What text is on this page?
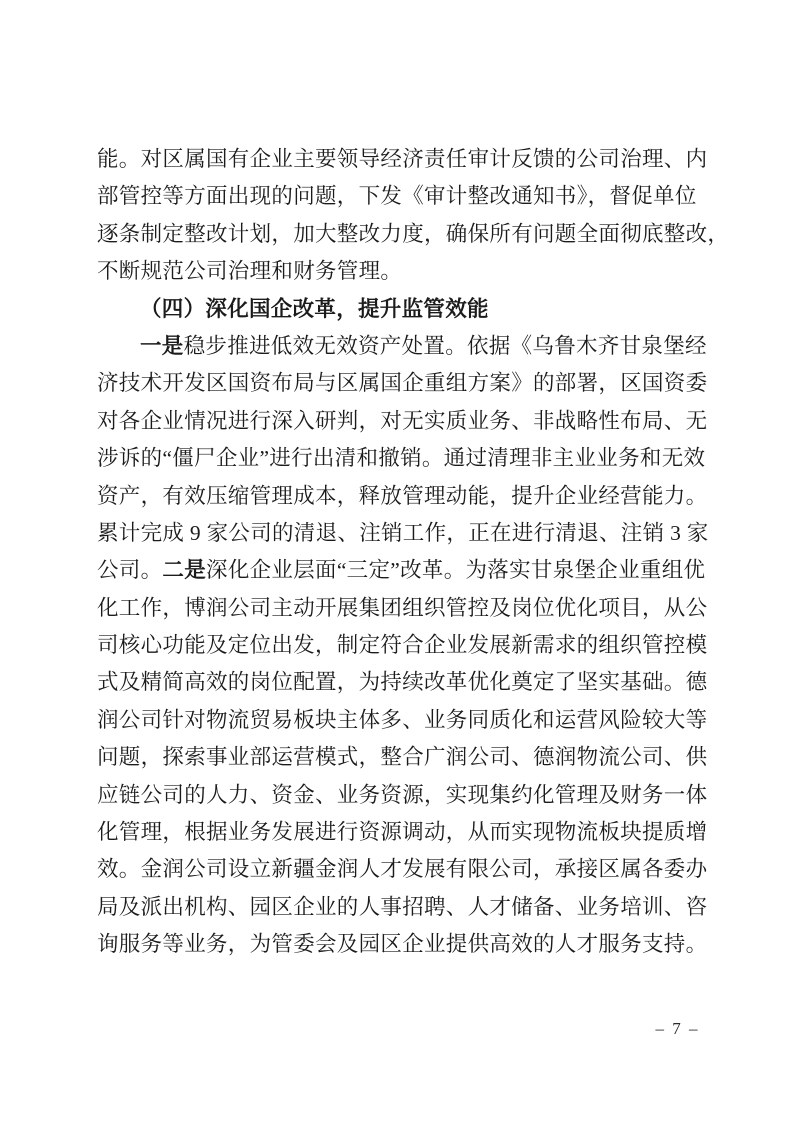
能。对区属国有企业主要领导经济责任审计反馈的公司治理、内
部管控等方面出现的问题，下发《审计整改通知书》，督促单位
逐条制定整改计划，加大整改力度，确保所有问题全面彻底整改，
不断规范公司治理和财务管理。
（四）深化国企改革，提升监管效能
一是稳步推进低效无效资产处置。依据《乌鲁木齐甘泉堡经
济技术开发区国资布局与区属国企重组方案》的部署，区国资委
对各企业情况进行深入研判，对无实质业务、非战略性布局、无
涉诉的“僵尸企业”进行出清和撤销。通过清理非主业业务和无效
资产，有效压缩管理成本，释放管理动能，提升企业经营能力。
累计完成 9 家公司的清退、注销工作，正在进行清退、注销 3 家
公司。二是深化企业层面“三定”改革。为落实甘泉堡企业重组优
化工作，博润公司主动开展集团组织管控及岗位优化项目，从公
司核心功能及定位出发，制定符合企业发展新需求的组织管控模
式及精简高效的岗位配置，为持续改革优化奠定了坚实基础。德
润公司针对物流贸易板块主体多、业务同质化和运营风险较大等
问题，探索事业部运营模式，整合广润公司、德润物流公司、供
应链公司的人力、资金、业务资源，实现集约化管理及财务一体
化管理，根据业务发展进行资源调动，从而实现物流板块提质增
效。金润公司设立新疆金润人才发展有限公司，承接区属各委办
局及派出机构、园区企业的人事招聘、人才储备、业务培训、咨
询服务等业务，为管委会及园区企业提供高效的人才服务支持。
– 7 –
